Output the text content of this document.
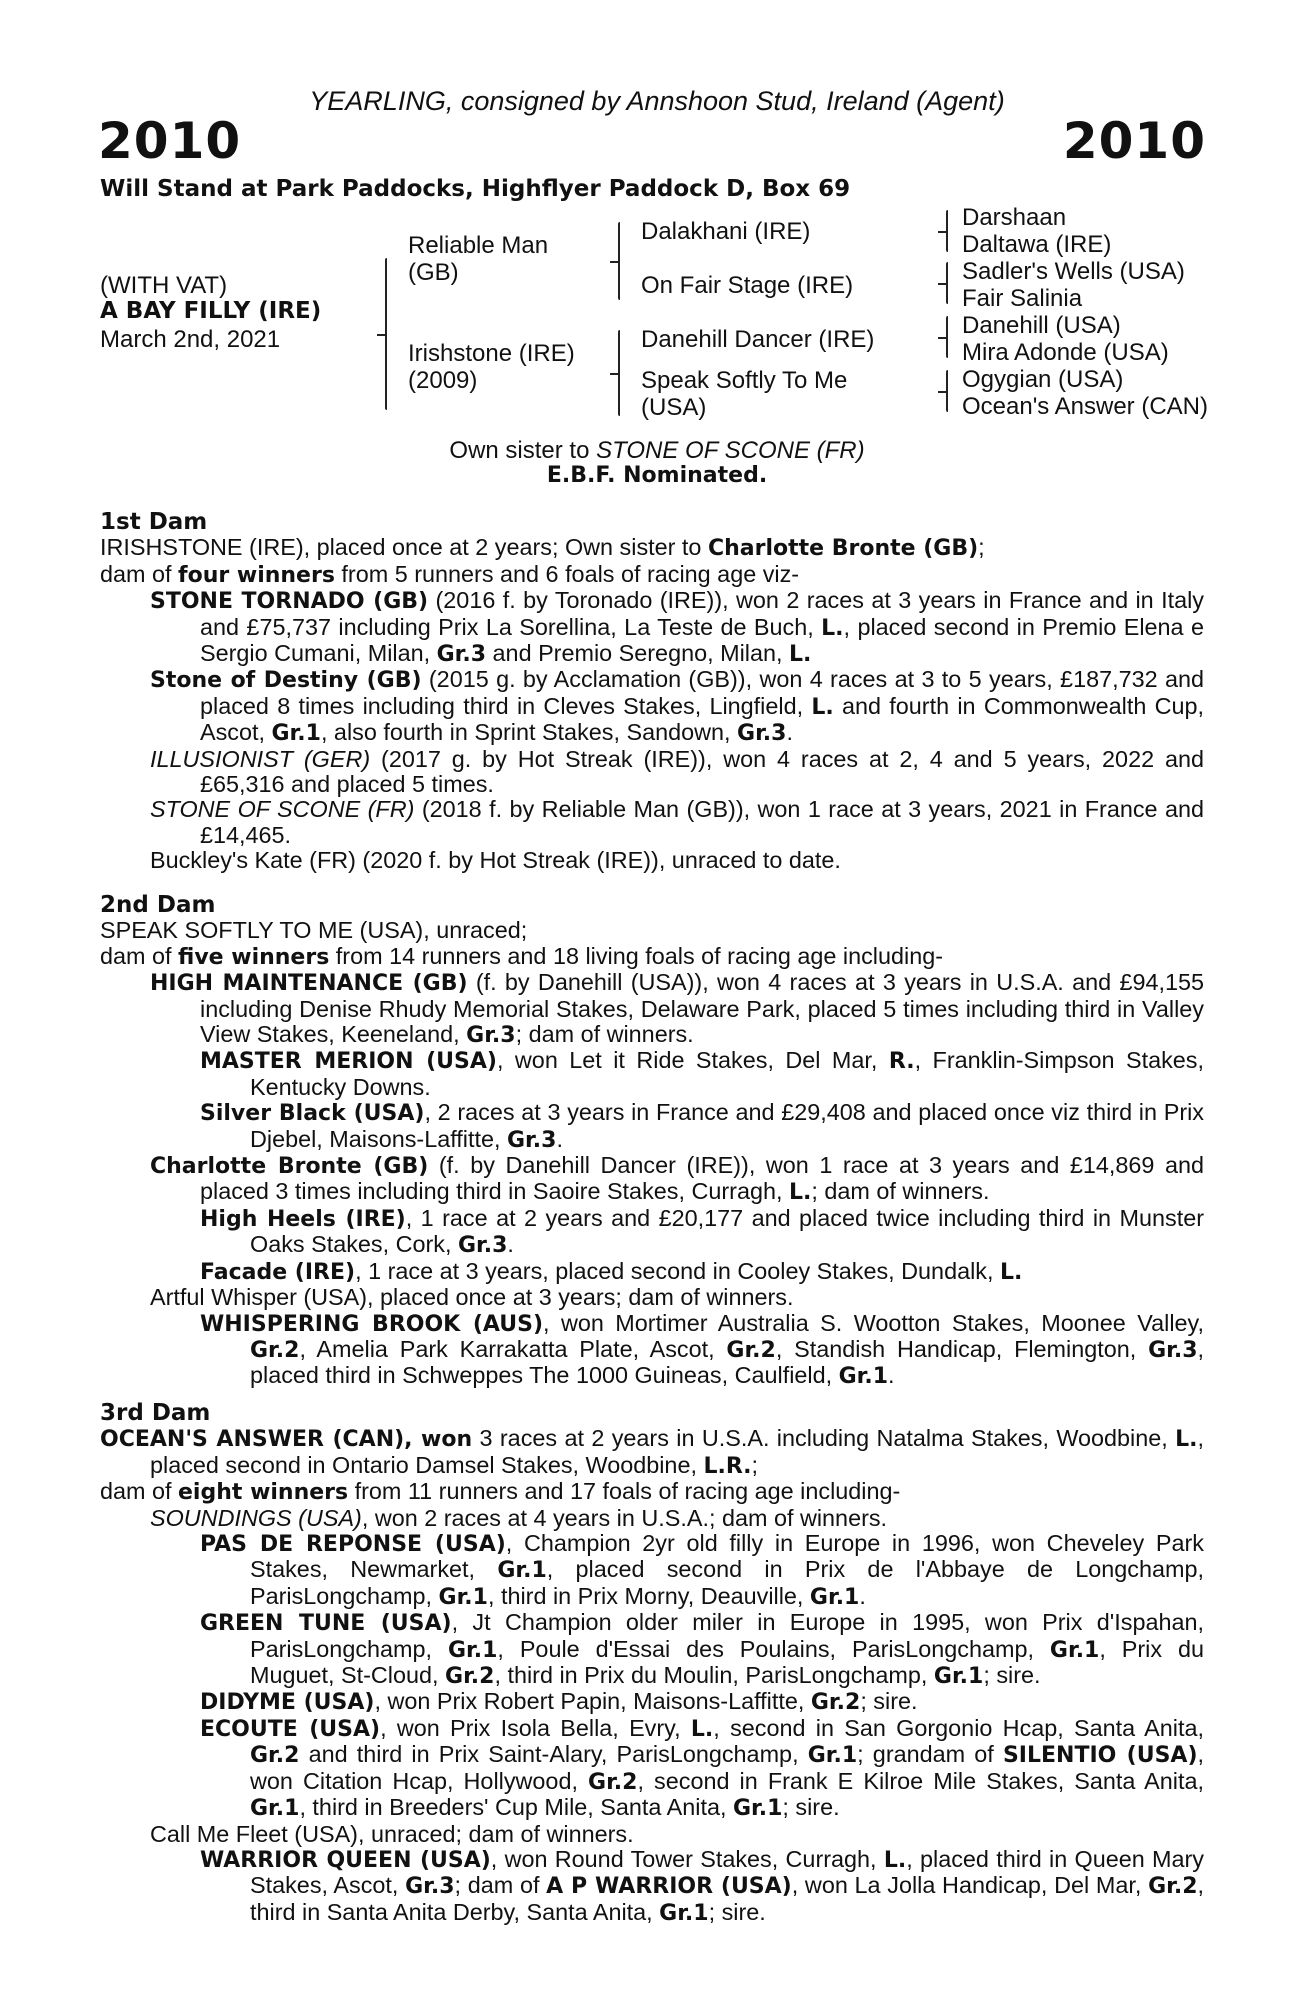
YEARLING, consigned by Annshoon Stud, Ireland (Agent)
2010	2010
Will Stand at Park Paddocks, Highflyer Paddock D, Box 69
(WITH VAT)
A BAY FILLY (IRE)
March 2nd, 2021
Reliable Man
(GB)
Irishstone (IRE)
(2009)
Dalakhani (IRE)
On Fair Stage (IRE)
Danehill Dancer (IRE)
Speak Softly To Me
(USA)
Darshaan
Daltawa (IRE)
Sadler's Wells (USA)
Fair Salinia
Danehill (USA)
Mira Adonde (USA)
Ogygian (USA)
Ocean's Answer (CAN)
Own sister to STONE OF SCONE (FR)
E.B.F. Nominated.

1st Dam

IRISHSTONE (IRE), placed once at 2 years; Own sister to Charlotte Bronte (GB);

dam of four winners from 5 runners and 6 foals of racing age viz-

STONE TORNADO (GB) (2016 f. by Toronado (IRE)), won 2 races at 3 years in France and in Italy and £75,737 including Prix La Sorellina, La Teste de Buch, L., placed second in Premio Elena e Sergio Cumani, Milan, Gr.3 and Premio Seregno, Milan, L.

Stone of Destiny (GB) (2015 g. by Acclamation (GB)), won 4 races at 3 to 5 years, £187,732 and placed 8 times including third in Cleves Stakes, Lingfield, L. and fourth in Commonwealth Cup, Ascot, Gr.1, also fourth in Sprint Stakes, Sandown, Gr.3.

ILLUSIONIST (GER) (2017 g. by Hot Streak (IRE)), won 4 races at 2, 4 and 5 years, 2022 and £65,316 and placed 5 times.

STONE OF SCONE (FR) (2018 f. by Reliable Man (GB)), won 1 race at 3 years, 2021 in France and £14,465.

Buckley's Kate (FR) (2020 f. by Hot Streak (IRE)), unraced to date.

2nd Dam

SPEAK SOFTLY TO ME (USA), unraced;

dam of five winners from 14 runners and 18 living foals of racing age including-

HIGH MAINTENANCE (GB) (f. by Danehill (USA)), won 4 races at 3 years in U.S.A. and £94,155 including Denise Rhudy Memorial Stakes, Delaware Park, placed 5 times including third in Valley View Stakes, Keeneland, Gr.3; dam of winners.

MASTER MERION (USA), won Let it Ride Stakes, Del Mar, R., Franklin-Simpson Stakes, Kentucky Downs.

Silver Black (USA), 2 races at 3 years in France and £29,408 and placed once viz third in Prix Djebel, Maisons-Laffitte, Gr.3.

Charlotte Bronte (GB) (f. by Danehill Dancer (IRE)), won 1 race at 3 years and £14,869 and placed 3 times including third in Saoire Stakes, Curragh, L.; dam of winners.

High Heels (IRE), 1 race at 2 years and £20,177 and placed twice including third in Munster Oaks Stakes, Cork, Gr.3.

Facade (IRE), 1 race at 3 years, placed second in Cooley Stakes, Dundalk, L.

Artful Whisper (USA), placed once at 3 years; dam of winners.

WHISPERING BROOK (AUS), won Mortimer Australia S. Wootton Stakes, Moonee Valley, Gr.2, Amelia Park Karrakatta Plate, Ascot, Gr.2, Standish Handicap, Flemington, Gr.3, placed third in Schweppes The 1000 Guineas, Caulfield, Gr.1.

3rd Dam

OCEAN'S ANSWER (CAN), won 3 races at 2 years in U.S.A. including Natalma Stakes, Woodbine, L., placed second in Ontario Damsel Stakes, Woodbine, L.R.;

dam of eight winners from 11 runners and 17 foals of racing age including-

SOUNDINGS (USA), won 2 races at 4 years in U.S.A.; dam of winners.

PAS DE REPONSE (USA), Champion 2yr old filly in Europe in 1996, won Cheveley Park Stakes, Newmarket, Gr.1, placed second in Prix de l'Abbaye de Longchamp, ParisLongchamp, Gr.1, third in Prix Morny, Deauville, Gr.1.

GREEN TUNE (USA), Jt Champion older miler in Europe in 1995, won Prix d'Ispahan, ParisLongchamp, Gr.1, Poule d'Essai des Poulains, ParisLongchamp, Gr.1, Prix du Muguet, St-Cloud, Gr.2, third in Prix du Moulin, ParisLongchamp, Gr.1; sire.

DIDYME (USA), won Prix Robert Papin, Maisons-Laffitte, Gr.2; sire.

ECOUTE (USA), won Prix Isola Bella, Evry, L., second in San Gorgonio Hcap, Santa Anita, Gr.2 and third in Prix Saint-Alary, ParisLongchamp, Gr.1; grandam of SILENTIO (USA), won Citation Hcap, Hollywood, Gr.2, second in Frank E Kilroe Mile Stakes, Santa Anita, Gr.1, third in Breeders' Cup Mile, Santa Anita, Gr.1; sire.

Call Me Fleet (USA), unraced; dam of winners.

WARRIOR QUEEN (USA), won Round Tower Stakes, Curragh, L., placed third in Queen Mary Stakes, Ascot, Gr.3; dam of A P WARRIOR (USA), won La Jolla Handicap, Del Mar, Gr.2, third in Santa Anita Derby, Santa Anita, Gr.1; sire.
